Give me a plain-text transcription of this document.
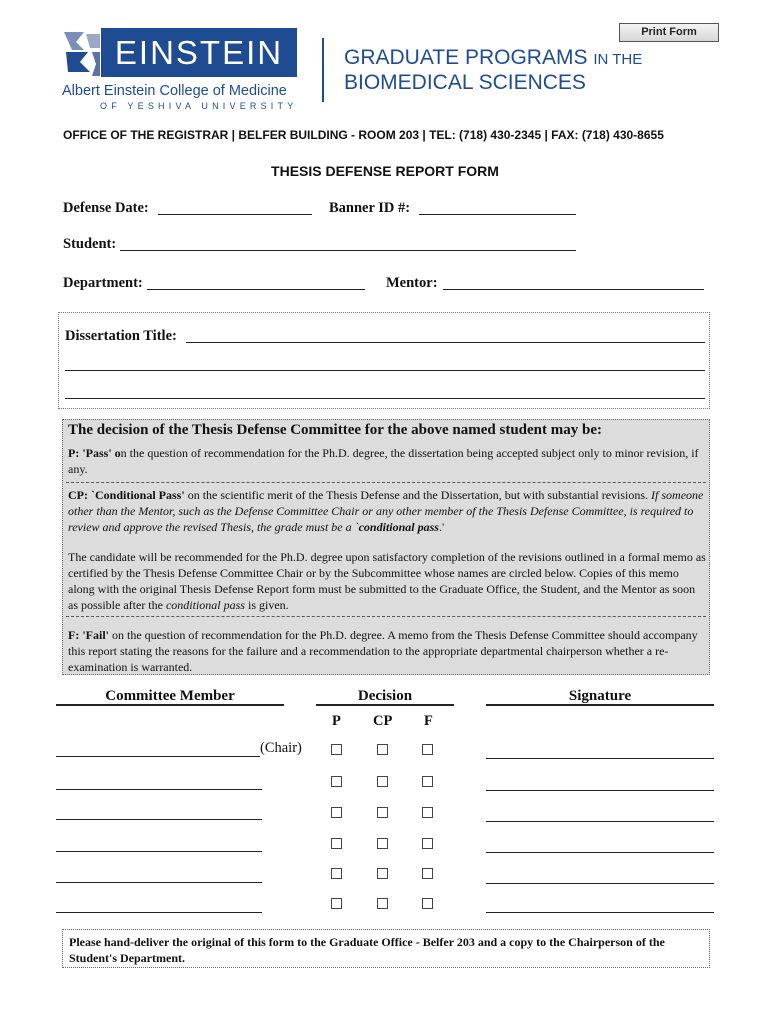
Print Form
EINSTEIN
Albert Einstein College of Medicine
OF YESHIVA UNIVERSITY
GRADUATE PROGRAMS IN THE
BIOMEDICAL SCIENCES
OFFICE OF THE REGISTRAR | BELFER BUILDING - ROOM 203 | TEL: (718) 430-2345 | FAX: (718) 430-8655
THESIS DEFENSE REPORT FORM
Defense Date:	Banner ID #:
Student:
Department:	Mentor:
Dissertation Title:
The decision of the Thesis Defense Committee for the above named student may be:
P: 'Pass' on the question of recommendation for the Ph.D. degree, the dissertation being accepted subject only to minor revision, if any.
CP: `Conditional Pass' on the scientific merit of the Thesis Defense and the Dissertation, but with substantial revisions. If someone other than the Mentor, such as the Defense Committee Chair or any other member of the Thesis Defense Committee, is required to review and approve the revised Thesis, the grade must be a `conditional pass.'
The candidate will be recommended for the Ph.D. degree upon satisfactory completion of the revisions outlined in a formal memo as certified by the Thesis Defense Committee Chair or by the Subcommittee whose names are circled below. Copies of this memo along with the original Thesis Defense Report form must be submitted to the Graduate Office, the Student, and the Mentor as soon as possible after the conditional pass is given.
F: 'Fail' on the question of recommendation for the Ph.D. degree. A memo from the Thesis Defense Committee should accompany this report stating the reasons for the failure and a recommendation to the appropriate departmental chairperson whether a re-examination is warranted.
Committee Member	Decision	Signature
P CP F
(Chair)
Please hand-deliver the original of this form to the Graduate Office - Belfer 203 and a copy to the Chairperson of the Student's Department.
